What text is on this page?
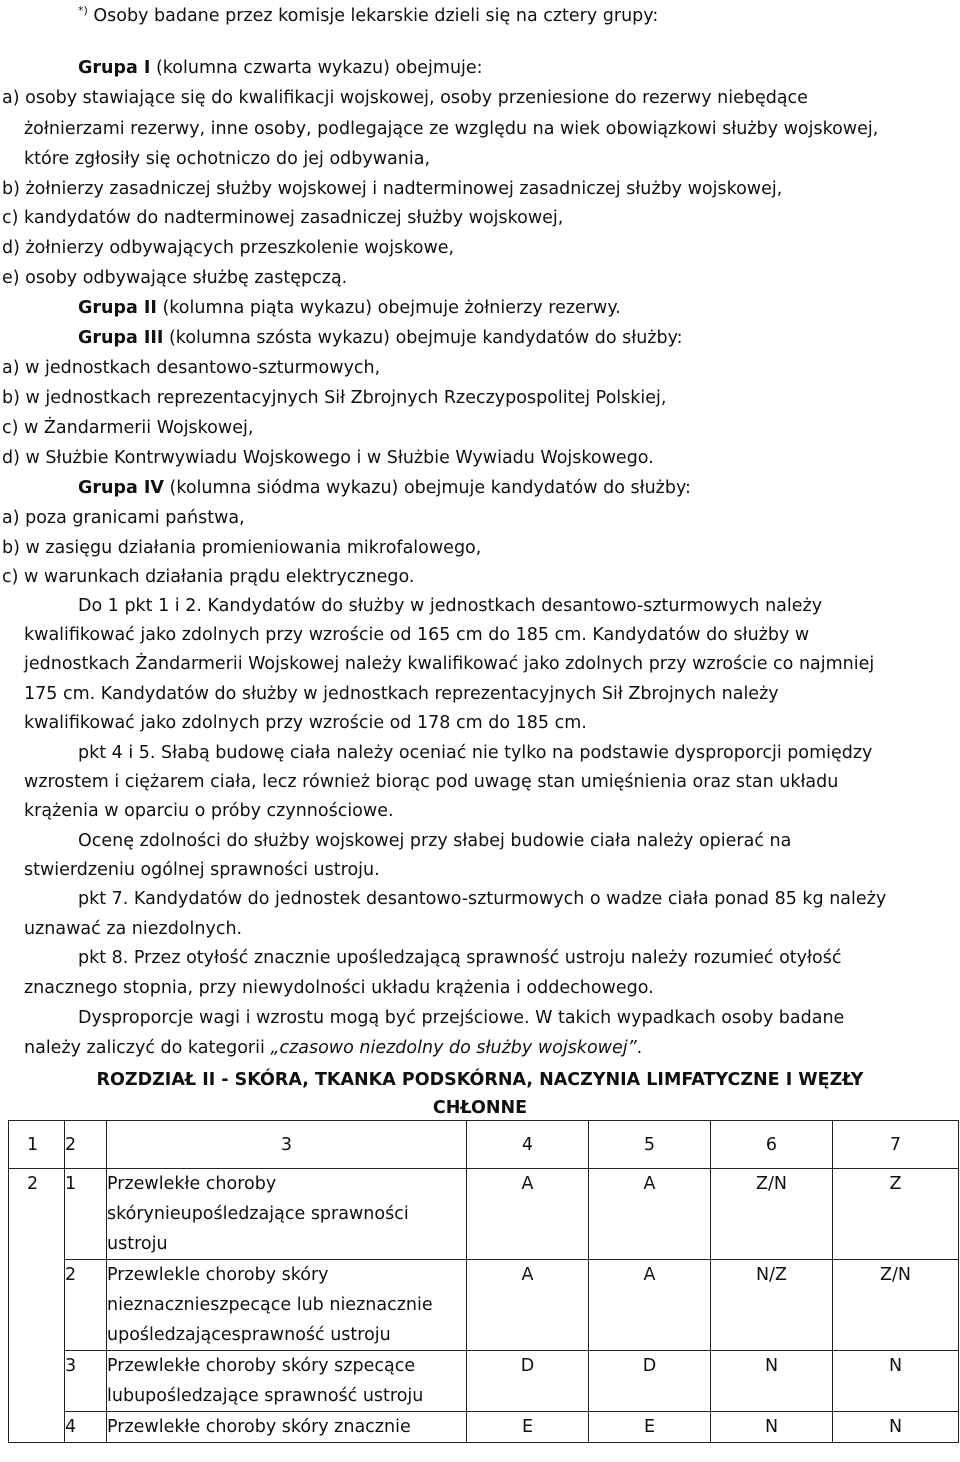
*) Osoby badane przez komisje lekarskie dzieli się na cztery grupy:
Grupa I (kolumna czwarta wykazu) obejmuje:
a) osoby stawiające się do kwalifikacji wojskowej, osoby przeniesione do rezerwy niebędące
żołnierzami rezerwy, inne osoby, podlegające ze względu na wiek obowiązkowi służby wojskowej,
które zgłosiły się ochotniczo do jej odbywania,
b) żołnierzy zasadniczej służby wojskowej i nadterminowej zasadniczej służby wojskowej,
c) kandydatów do nadterminowej zasadniczej służby wojskowej,
d) żołnierzy odbywających przeszkolenie wojskowe,
e) osoby odbywające służbę zastępczą.
Grupa II (kolumna piąta wykazu) obejmuje żołnierzy rezerwy.
Grupa III (kolumna szósta wykazu) obejmuje kandydatów do służby:
a) w jednostkach desantowo-szturmowych,
b) w jednostkach reprezentacyjnych Sił Zbrojnych Rzeczypospolitej Polskiej,
c) w Żandarmerii Wojskowej,
d) w Służbie Kontrwywiadu Wojskowego i w Służbie Wywiadu Wojskowego.
Grupa IV (kolumna siódma wykazu) obejmuje kandydatów do służby:
a) poza granicami państwa,
b) w zasięgu działania promieniowania mikrofalowego,
c) w warunkach działania prądu elektrycznego.
Do 1 pkt 1 i 2. Kandydatów do służby w jednostkach desantowo-szturmowych należy
kwalifikować jako zdolnych przy wzroście od 165 cm do 185 cm. Kandydatów do służby w
jednostkach Żandarmerii Wojskowej należy kwalifikować jako zdolnych przy wzroście co najmniej
175 cm. Kandydatów do służby w jednostkach reprezentacyjnych Sił Zbrojnych należy
kwalifikować jako zdolnych przy wzroście od 178 cm do 185 cm.
pkt 4 i 5. Słabą budowę ciała należy oceniać nie tylko na podstawie dysproporcji pomiędzy
wzrostem i ciężarem ciała, lecz również biorąc pod uwagę stan umięśnienia oraz stan układu
krążenia w oparciu o próby czynnościowe.
Ocenę zdolności do służby wojskowej przy słabej budowie ciała należy opierać na
stwierdzeniu ogólnej sprawności ustroju.
pkt 7. Kandydatów do jednostek desantowo-szturmowych o wadze ciała ponad 85 kg należy
uznawać za niezdolnych.
pkt 8. Przez otyłość znacznie upośledzającą sprawność ustroju należy rozumieć otyłość
znacznego stopnia, przy niewydolności układu krążenia i oddechowego.
Dysproporcje wagi i wzrostu mogą być przejściowe. W takich wypadkach osoby badane
należy zaliczyć do kategorii „czasowo niezdolny do służby wojskowej”.
ROZDZIAŁ II - SKÓRA, TKANKA PODSKÓRNA, NACZYNIA LIMFATYCZNE I WĘZŁY
CHŁONNE
1	2	3	4	5	6	7
2	1	Przewlekłe choroby skórynieupośledzające sprawności ustroju	A	A	Z/N	Z
	2	Przewlekle choroby skóry nieznacznieszpecące lub nieznacznie upośledzającesprawność ustroju	A	A	N/Z	Z/N
	3	Przewlekłe choroby skóry szpecące lubupośledzające sprawność ustroju	D	D	N	N
	4	Przewlekłe choroby skóry znacznie	E	E	N	N
